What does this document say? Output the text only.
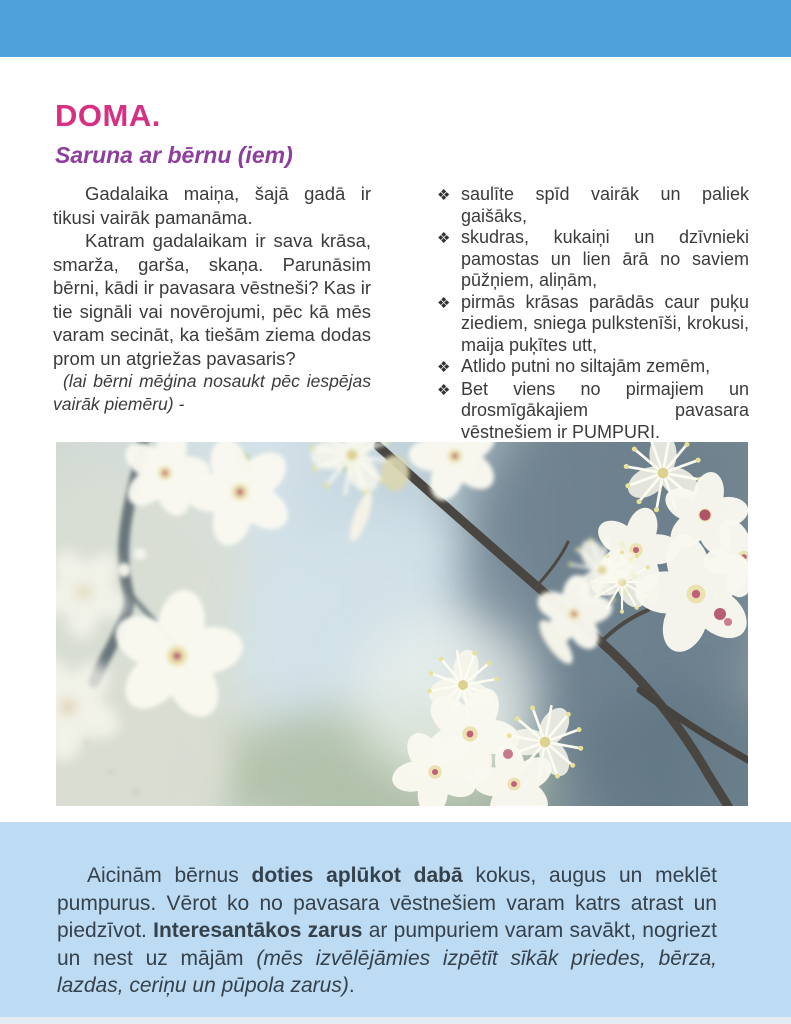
DOMA.
Saruna ar bērnu (iem)

Gadalaika maiņa, šajā gadā ir tikusi vairāk pamanāma.

Katram gadalaikam ir sava krāsa, smarža, garša, skaņa. Parunāsim bērni, kādi ir pavasara vēstneši? Kas ir tie signāli vai novērojumi, pēc kā mēs varam secināt, ka tiešām ziema dodas prom un atgriežas pavasaris?

(lai bērni mēģina nosaukt pēc iespējas vairāk piemēru) -

❖ saulīte spīd vairāk un paliek gaišāks,
❖ skudras, kukaiņi un dzīvnieki pamostas un lien ārā no saviem pūžņiem, aliņām,
❖ pirmās krāsas parādās caur puķu ziediem, sniega pulkstenīši, krokusi, maija puķītes utt,
❖ Atlido putni no siltajām zemēm,
❖ Bet viens no pirmajiem un drosmīgākajiem pavasara vēstnešiem ir PUMPURI.

Aicinām bērnus doties aplūkot dabā kokus, augus un meklēt pumpurus. Vērot ko no pavasara vēstnešiem varam katrs atrast un piedzīvot. Interesantākos zarus ar pumpuriem varam savākt, nogriezt un nest uz mājām (mēs izvēlējāmies izpētīt sīkāk priedes, bērza, lazdas, ceriņu un pūpola zarus).
